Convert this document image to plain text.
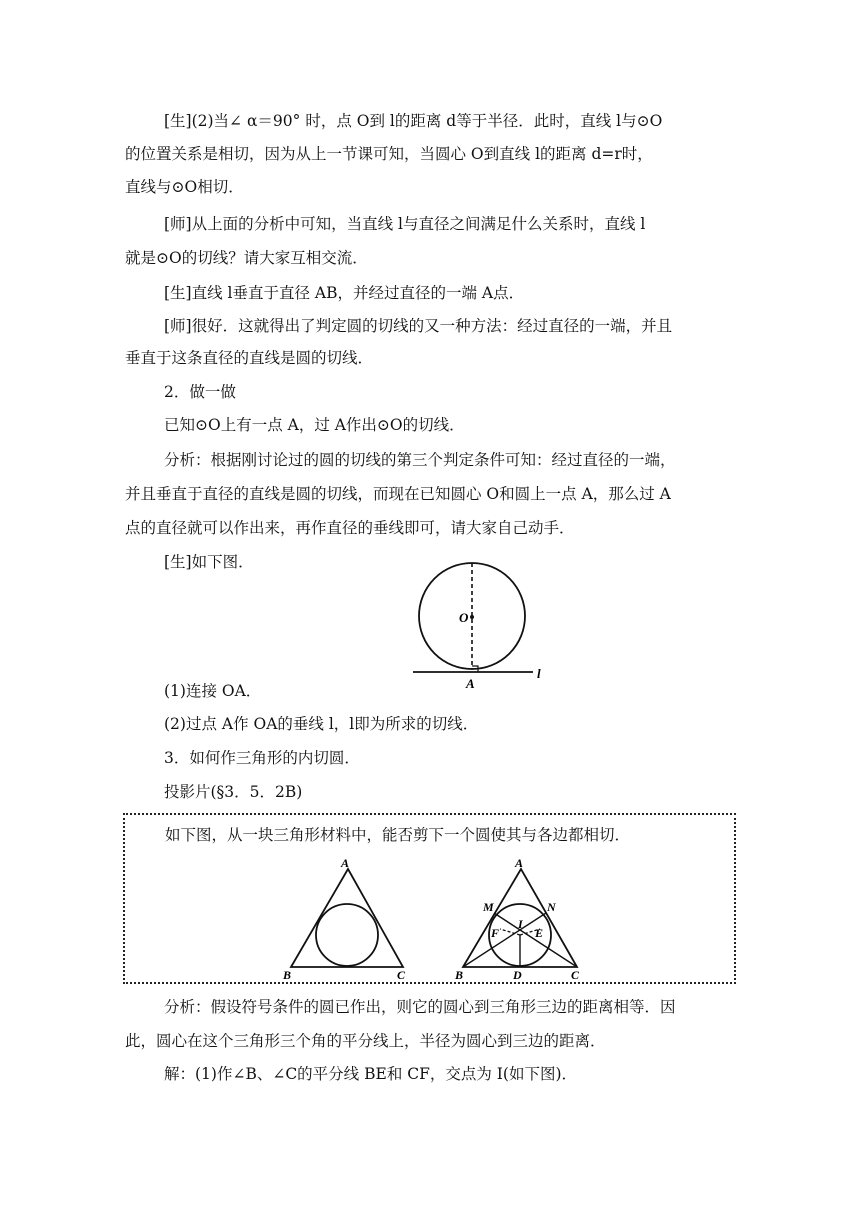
[生](2)当∠ α＝90° 时，点 O到 l的距离 d等于半径．此时，直线 l与⊙O
的位置关系是相切，因为从上一节课可知，当圆心 O到直线 l的距离 d=r时，
直线与⊙O相切．
[师]从上面的分析中可知，当直线 l与直径之间满足什么关系时，直线 l
就是⊙O的切线？请大家互相交流．
[生]直线 l垂直于直径 AB，并经过直径的一端 A点．
[师]很好．这就得出了判定圆的切线的又一种方法：经过直径的一端，并且
垂直于这条直径的直线是圆的切线．
2．做一做
已知⊙O上有一点 A，过 A作出⊙O的切线．
分析：根据刚讨论过的圆的切线的第三个判定条件可知：经过直径的一端，
并且垂直于直径的直线是圆的切线，而现在已知圆心 O和圆上一点 A，那么过 A
点的直径就可以作出来，再作直径的垂线即可，请大家自己动手．
[生]如下图．
O
A
l
(1)连接 OA．
(2)过点 A作 OA的垂线 l，l即为所求的切线．
3．如何作三角形的内切圆．
投影片(§3．5．2B)
如下图，从一块三角形材料中，能否剪下一个圆使其与各边都相切．
A
B	C
A
B	C
M	N
I
F	E
D
分析：假设符号条件的圆已作出，则它的圆心到三角形三边的距离相等．因
此，圆心在这个三角形三个角的平分线上，半径为圆心到三边的距离．
解：(1)作∠B、∠C的平分线 BE和 CF，交点为 I(如下图)．
